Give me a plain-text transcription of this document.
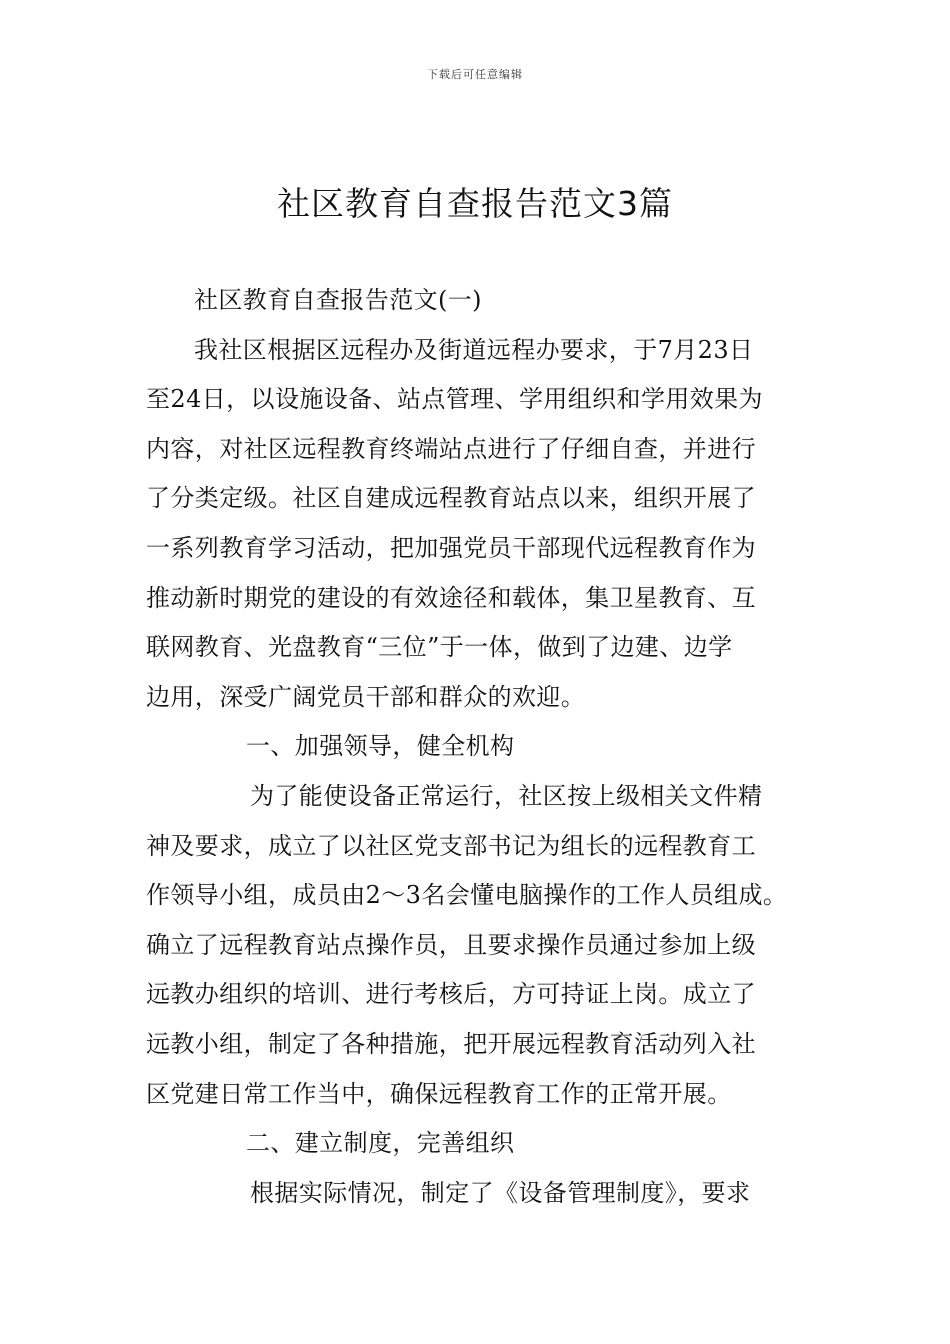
下载后可任意编辑
社区教育自查报告范文3篇
社区教育自查报告范文(一)
我社区根据区远程办及街道远程办要求，于7月23日
至24日，以设施设备、站点管理、学用组织和学用效果为
内容，对社区远程教育终端站点进行了仔细自查，并进行
了分类定级。社区自建成远程教育站点以来，组织开展了
一系列教育学习活动，把加强党员干部现代远程教育作为
推动新时期党的建设的有效途径和载体，集卫星教育、互
联网教育、光盘教育“三位”于一体，做到了边建、边学
边用，深受广阔党员干部和群众的欢迎。
一、加强领导，健全机构
为了能使设备正常运行，社区按上级相关文件精
神及要求，成立了以社区党支部书记为组长的远程教育工
作领导小组，成员由2～3名会懂电脑操作的工作人员组成。
确立了远程教育站点操作员，且要求操作员通过参加上级
远教办组织的培训、进行考核后，方可持证上岗。成立了
远教小组，制定了各种措施，把开展远程教育活动列入社
区党建日常工作当中，确保远程教育工作的正常开展。
二、建立制度，完善组织
根据实际情况，制定了《设备管理制度》，要求
